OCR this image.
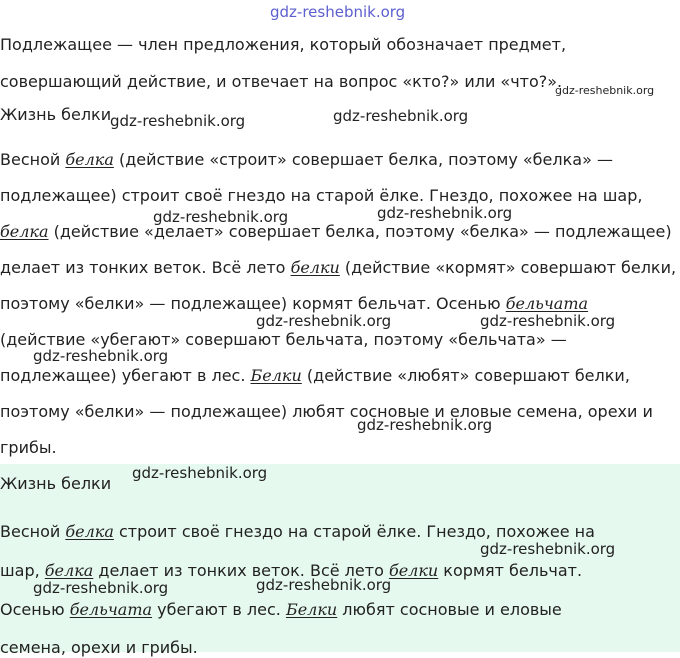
Подлежащее — член предложения, который обозначает предмет,
совершающий действие, и отвечает на вопрос «кто?» или «что?».
Жизнь белки
Весной белка (действие «строит» совершает белка, поэтому «белка» —
подлежащее) строит своё гнездо на старой ёлке. Гнездо, похожее на шар,
белка (действие «делает» совершает белка, поэтому «белка» — подлежащее)
делает из тонких веток. Всё лето белки (действие «кормят» совершают белки,
поэтому «белки» — подлежащее) кормят бельчат. Осенью бельчата
(действие «убегают» совершают бельчата, поэтому «бельчата» —
подлежащее) убегают в лес. Белки (действие «любят» совершают белки,
поэтому «белки» — подлежащее) любят сосновые и еловые семена, орехи и
грибы.
Жизнь белки
Весной белка строит своё гнездо на старой ёлке. Гнездо, похожее на
шар, белка делает из тонких веток. Всё лето белки кормят бельчат.
Осенью бельчата убегают в лес. Белки любят сосновые и еловые
семена, орехи и грибы.
gdz-reshebnik.org
gdz-reshebnik.org
gdz-reshebnik.org	gdz-reshebnik.org
gdz-reshebnik.org	gdz-reshebnik.org
gdz-reshebnik.org	gdz-reshebnik.org
gdz-reshebnik.org
gdz-reshebnik.org
gdz-reshebnik.org
gdz-reshebnik.org
gdz-reshebnik.org	gdz-reshebnik.org
